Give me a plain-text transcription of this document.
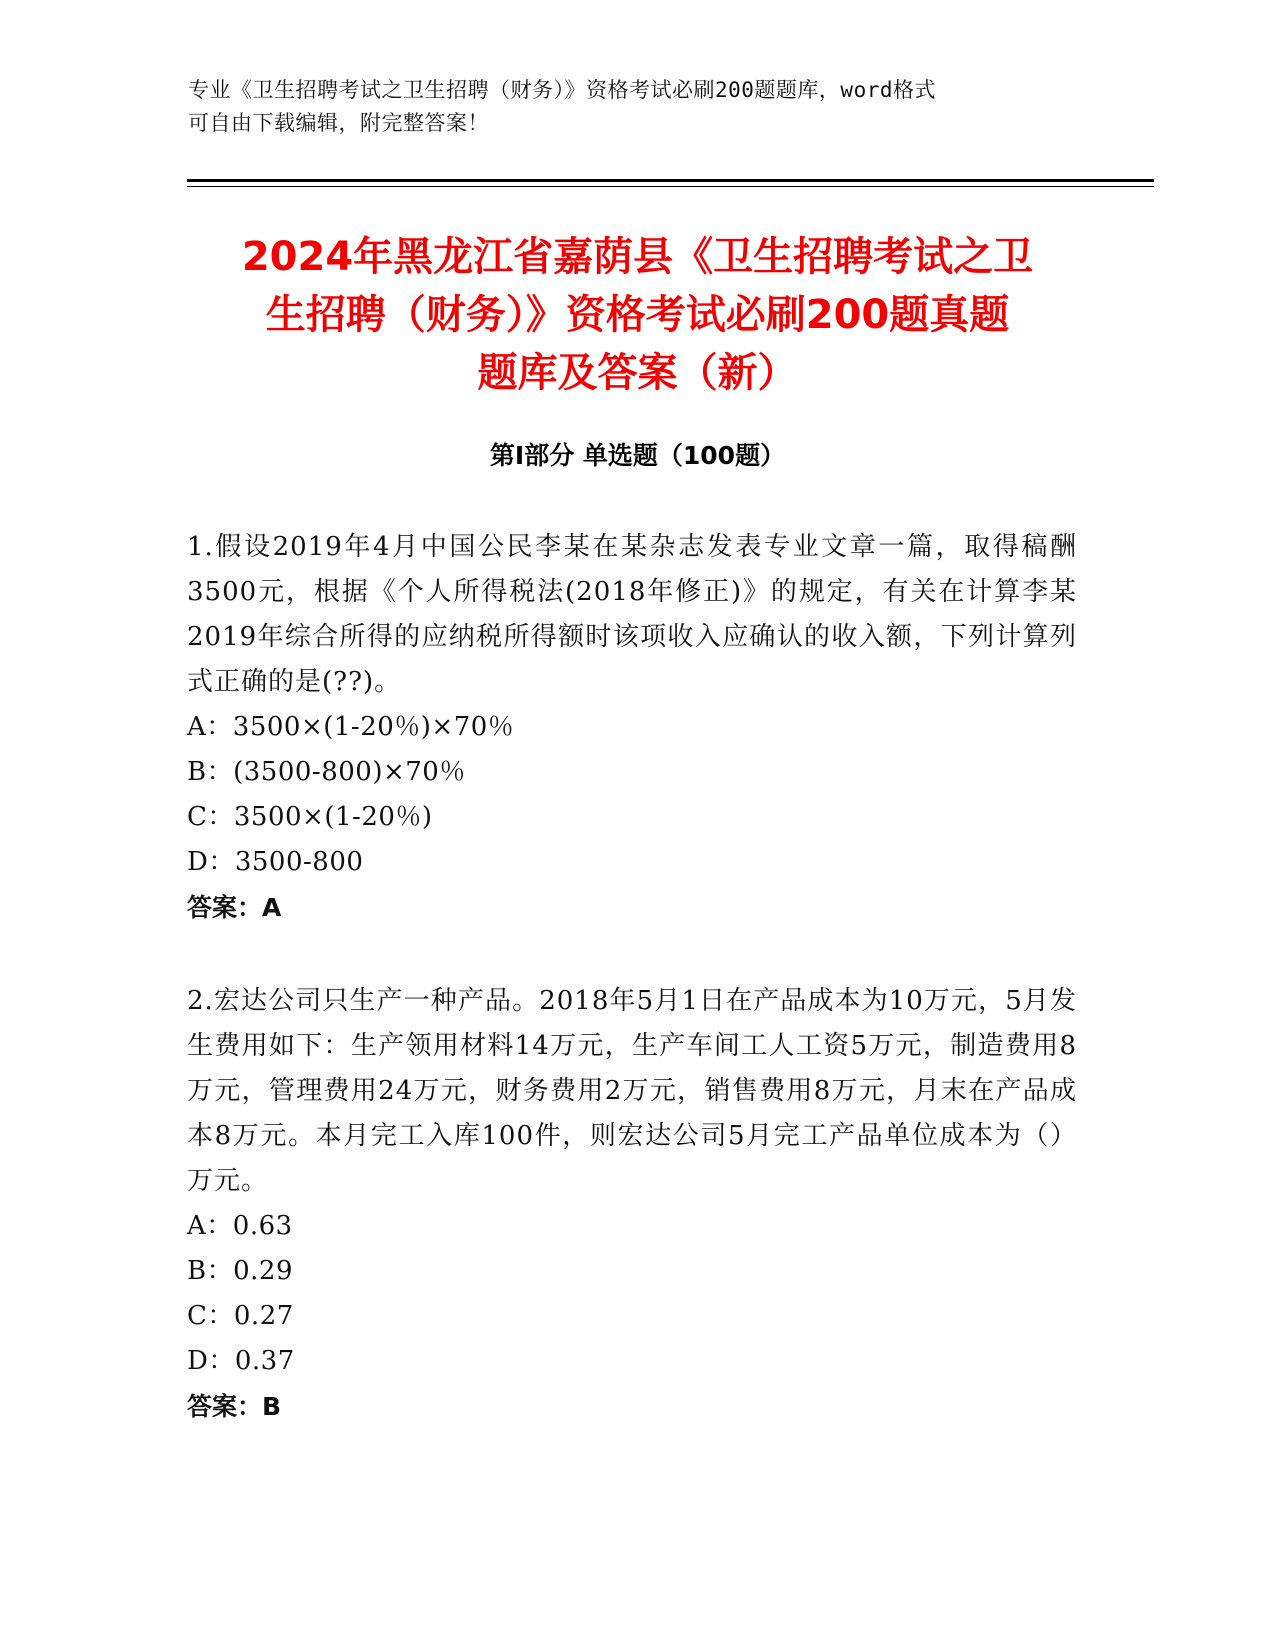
专业《卫生招聘考试之卫生招聘（财务）》资格考试必刷200题题库，word格式
可自由下载编辑，附完整答案！
2024年黑龙江省嘉荫县《卫生招聘考试之卫
生招聘（财务）》资格考试必刷200题真题
题库及答案（新）
第I部分 单选题（100题）
1.假设2019年4月中国公民李某在某杂志发表专业文章一篇，取得稿酬3500元，根据《个人所得税法(2018年修正)》的规定，有关在计算李某2019年综合所得的应纳税所得额时该项收入应确认的收入额，下列计算列式正确的是(??)。
A：3500×(1-20％)×70％
B：(3500-800)×70％
C：3500×(1-20％)
D：3500-800
答案：A
2.宏达公司只生产一种产品。2018年5月1日在产品成本为10万元，5月发生费用如下：生产领用材料14万元，生产车间工人工资5万元，制造费用8万元，管理费用24万元，财务费用2万元，销售费用8万元，月末在产品成本8万元。本月完工入库100件，则宏达公司5月完工产品单位成本为（）万元。
A：0.63
B：0.29
C：0.27
D：0.37
答案：B
